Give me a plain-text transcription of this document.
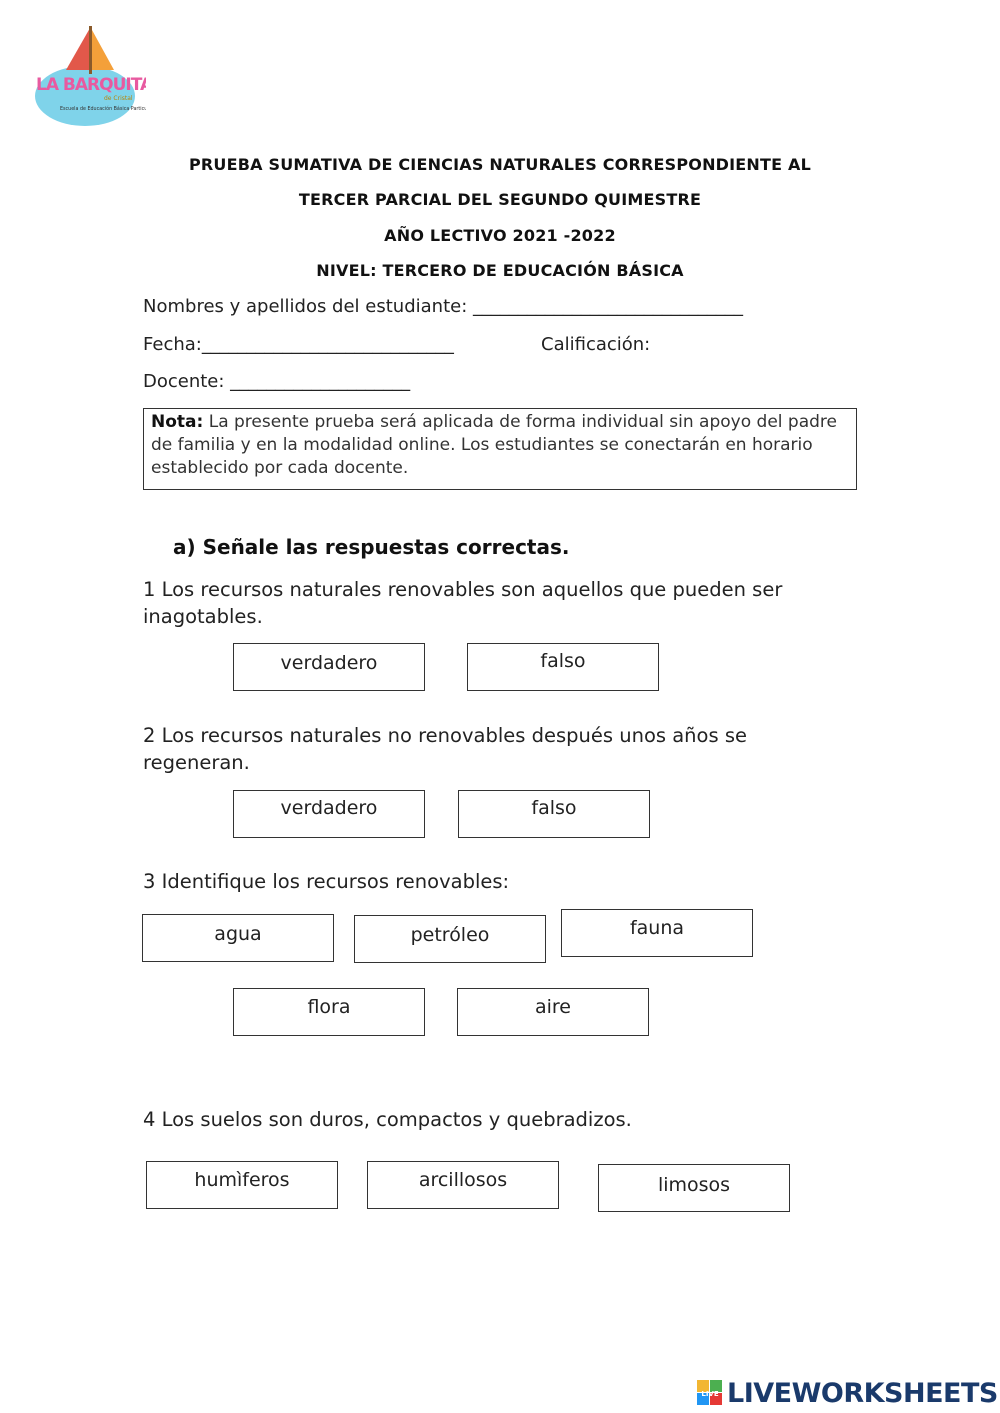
LA BARQUITA
de Cristal
Escuela de Educación Básica Particular
PRUEBA SUMATIVA DE CIENCIAS NATURALES CORRESPONDIENTE AL
TERCER PARCIAL DEL SEGUNDO QUIMESTRE
AÑO LECTIVO 2021 -2022
NIVEL: TERCERO DE EDUCACIÓN BÁSICA
Nombres y apellidos del estudiante: ______________________________
Fecha:____________________________	Calificación:
Docente: ____________________
Nota: La presente prueba será aplicada de forma individual sin apoyo del padre de familia y en la modalidad online. Los estudiantes se conectarán en horario establecido por cada docente.
a) Señale las respuestas correctas.
1 Los recursos naturales renovables son aquellos que pueden ser inagotables.
verdadero	falso
2 Los recursos naturales no renovables después unos años se regeneran.
verdadero	falso
3 Identifique los recursos renovables:
agua	petróleo	fauna
flora	aire
4 Los suelos son duros, compactos y quebradizos.
humìferos	arcillosos	limosos
LIVE LIVEWORKSHEETS
